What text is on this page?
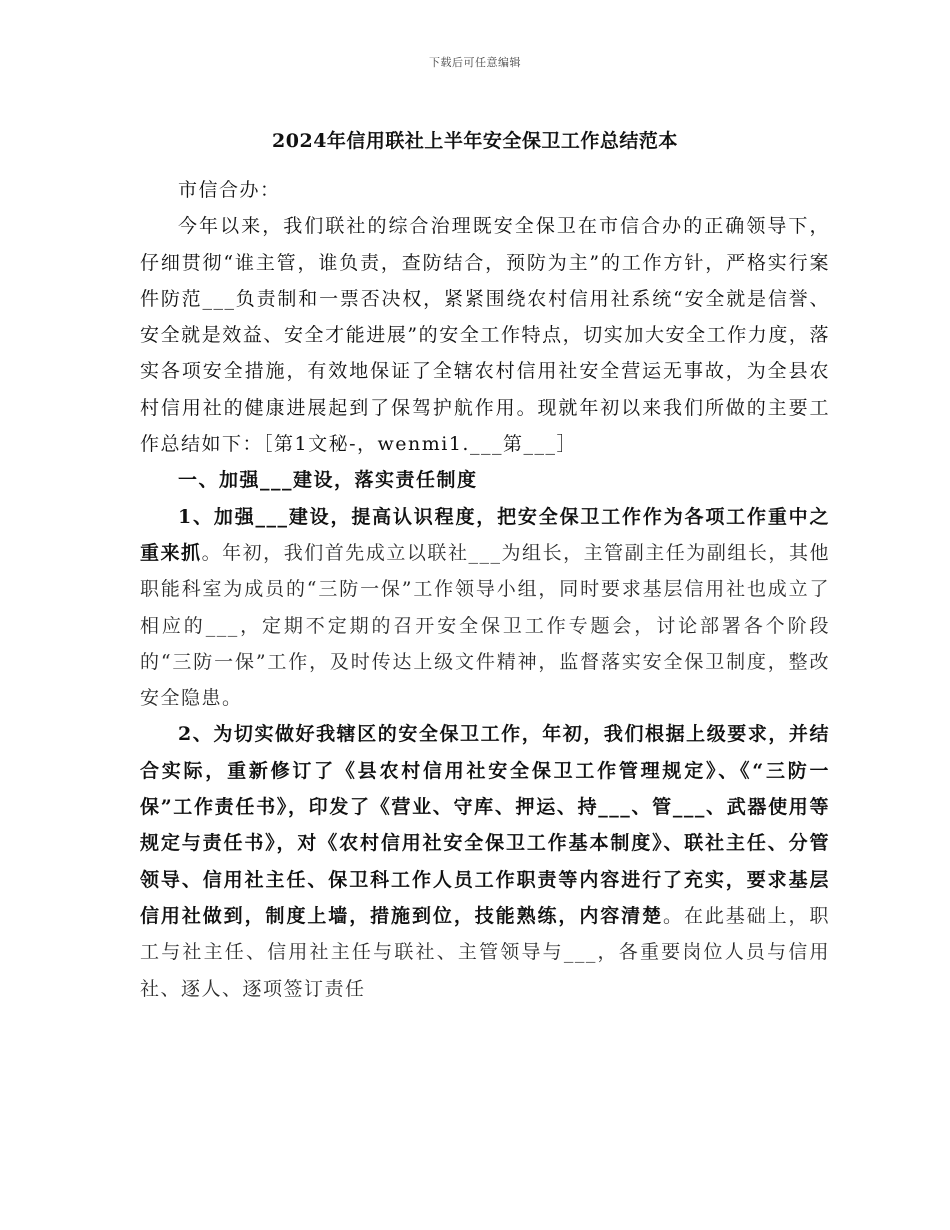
下载后可任意编辑
2024年信用联社上半年安全保卫工作总结范本

市信合办：

今年以来，我们联社的综合治理既安全保卫在市信合办的正确领导下，仔细贯彻“谁主管，谁负责，查防结合，预防为主”的工作方针，严格实行案件防范___负责制和一票否决权，紧紧围绕农村信用社系统“安全就是信誉、安全就是效益、安全才能进展”的安全工作特点，切实加大安全工作力度，落实各项安全措施，有效地保证了全辖农村信用社安全营运无事故，为全县农村信用社的健康进展起到了保驾护航作用。现就年初以来我们所做的主要工作总结如下：［第1文秘-，wenmi1.___第___］

一、加强___建设，落实责任制度

1、加强___建设，提高认识程度，把安全保卫工作作为各项工作重中之重来抓。年初，我们首先成立以联社___为组长，主管副主任为副组长，其他职能科室为成员的“三防一保”工作领导小组，同时要求基层信用社也成立了相应的___，定期不定期的召开安全保卫工作专题会，讨论部署各个阶段的“三防一保”工作，及时传达上级文件精神，监督落实安全保卫制度，整改安全隐患。

2、为切实做好我辖区的安全保卫工作，年初，我们根据上级要求，并结合实际，重新修订了《县农村信用社安全保卫工作管理规定》、《“三防一保”工作责任书》，印发了《营业、守库、押运、持___、管___、武器使用等规定与责任书》，对《农村信用社安全保卫工作基本制度》、联社主任、分管领导、信用社主任、保卫科工作人员工作职责等内容进行了充实，要求基层信用社做到，制度上墙，措施到位，技能熟练，内容清楚。在此基础上，职工与社主任、信用社主任与联社、主管领导与___，各重要岗位人员与信用社、逐人、逐项签订责任
